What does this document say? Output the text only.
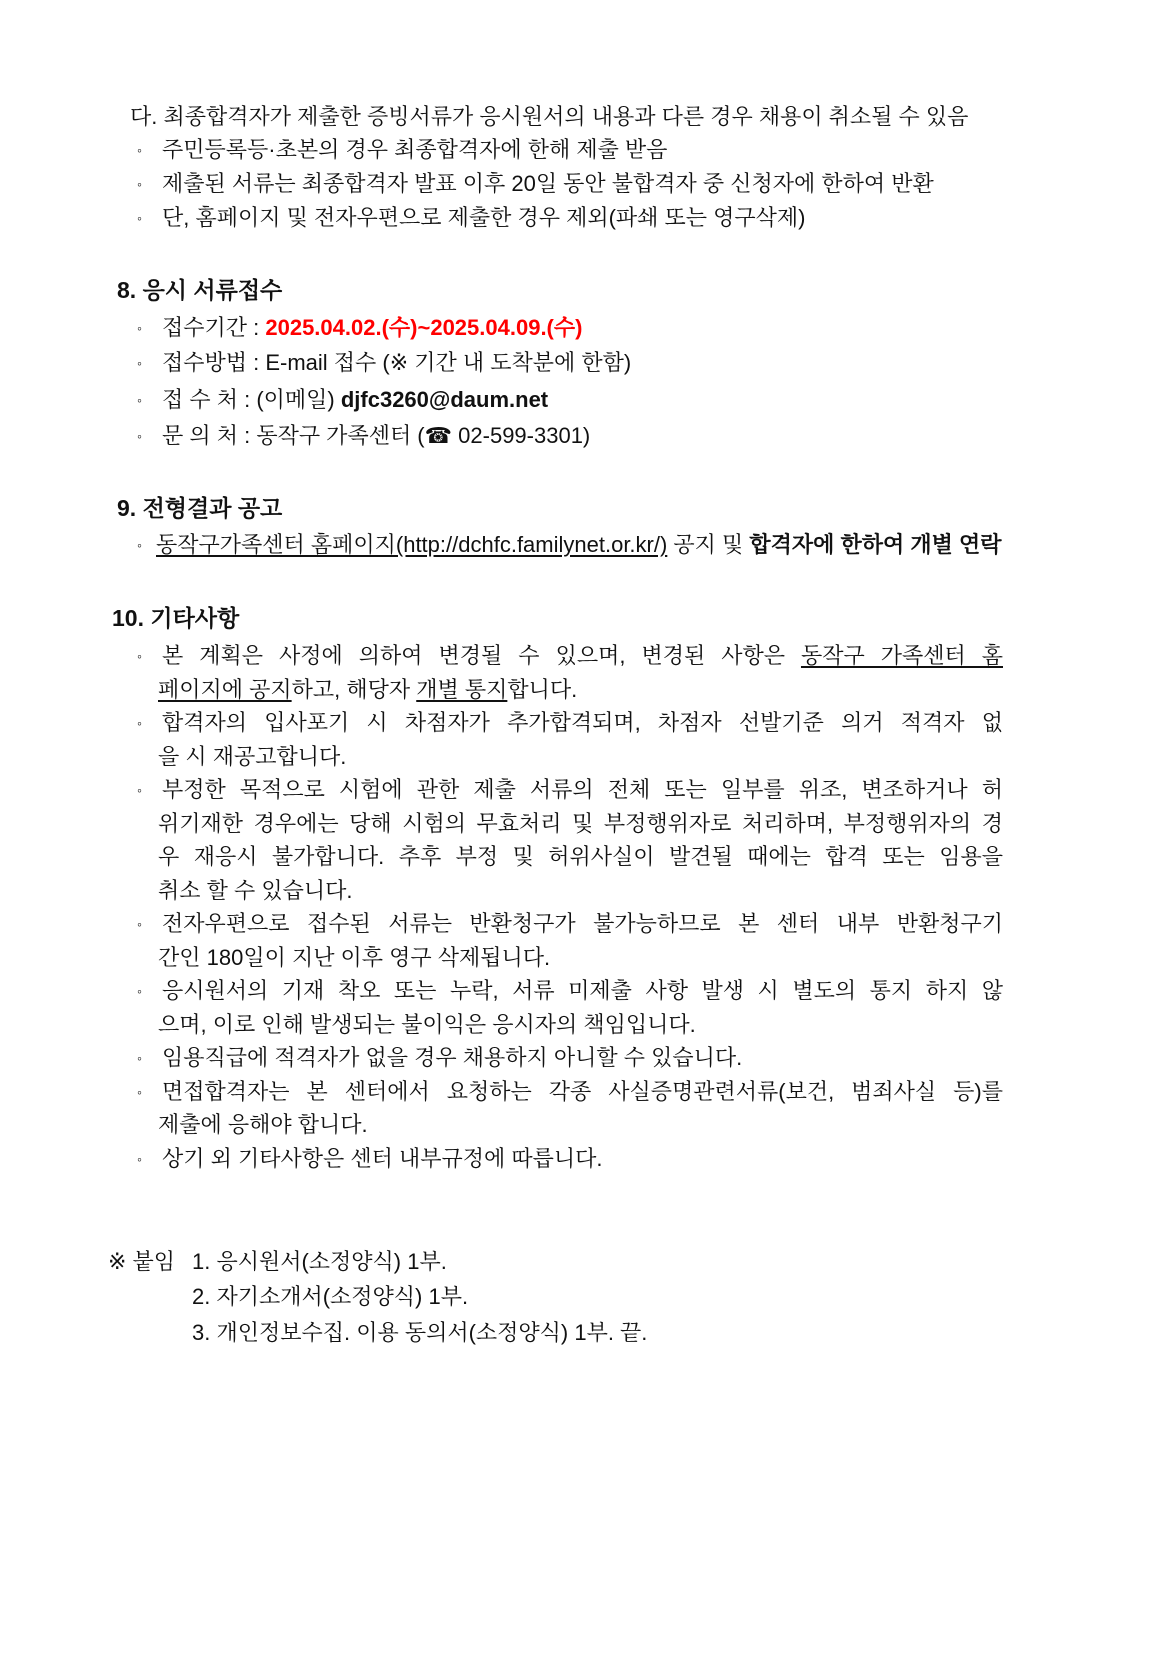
다. 최종합격자가 제출한 증빙서류가 응시원서의 내용과 다른 경우 채용이 취소될 수 있음
◦ 주민등록등·초본의 경우 최종합격자에 한해 제출 받음
◦ 제출된 서류는 최종합격자 발표 이후 20일 동안 불합격자 중 신청자에 한하여 반환
◦ 단, 홈페이지 및 전자우편으로 제출한 경우 제외(파쇄 또는 영구삭제)
8. 응시 서류접수
◦ 접수기간 : 2025.04.02.(수)~2025.04.09.(수)
◦ 접수방법 : E-mail 접수 (※ 기간 내 도착분에 한함)
◦ 접 수 처 : (이메일) djfc3260@daum.net
◦ 문 의 처 : 동작구 가족센터 (☎ 02-599-3301)
9. 전형결과 공고
◦ 동작구가족센터 홈페이지(http://dchfc.familynet.or.kr/) 공지 및 합격자에 한하여 개별 연락
10. 기타사항
◦ 본 계획은 사정에 의하여 변경될 수 있으며, 변경된 사항은 동작구 가족센터 홈
페이지에 공지하고, 해당자 개별 통지합니다.
◦ 합격자의 입사포기 시 차점자가 추가합격되며, 차점자 선발기준 의거 적격자 없
을 시 재공고합니다.
◦ 부정한 목적으로 시험에 관한 제출 서류의 전체 또는 일부를 위조, 변조하거나 허
위기재한 경우에는 당해 시험의 무효처리 및 부정행위자로 처리하며, 부정행위자의 경
우 재응시 불가합니다. 추후 부정 및 허위사실이 발견될 때에는 합격 또는 임용을
취소 할 수 있습니다.
◦ 전자우편으로 접수된 서류는 반환청구가 불가능하므로 본 센터 내부 반환청구기
간인 180일이 지난 이후 영구 삭제됩니다.
◦ 응시원서의 기재 착오 또는 누락, 서류 미제출 사항 발생 시 별도의 통지 하지 않
으며, 이로 인해 발생되는 불이익은 응시자의 책임입니다.
◦ 임용직급에 적격자가 없을 경우 채용하지 아니할 수 있습니다.
◦ 면접합격자는 본 센터에서 요청하는 각종 사실증명관련서류(보건, 범죄사실 등)를
제출에 응해야 합니다.
◦ 상기 외 기타사항은 센터 내부규정에 따릅니다.
※ 붙임 1. 응시원서(소정양식) 1부.
2. 자기소개서(소정양식) 1부.
3. 개인정보수집. 이용 동의서(소정양식) 1부. 끝.
